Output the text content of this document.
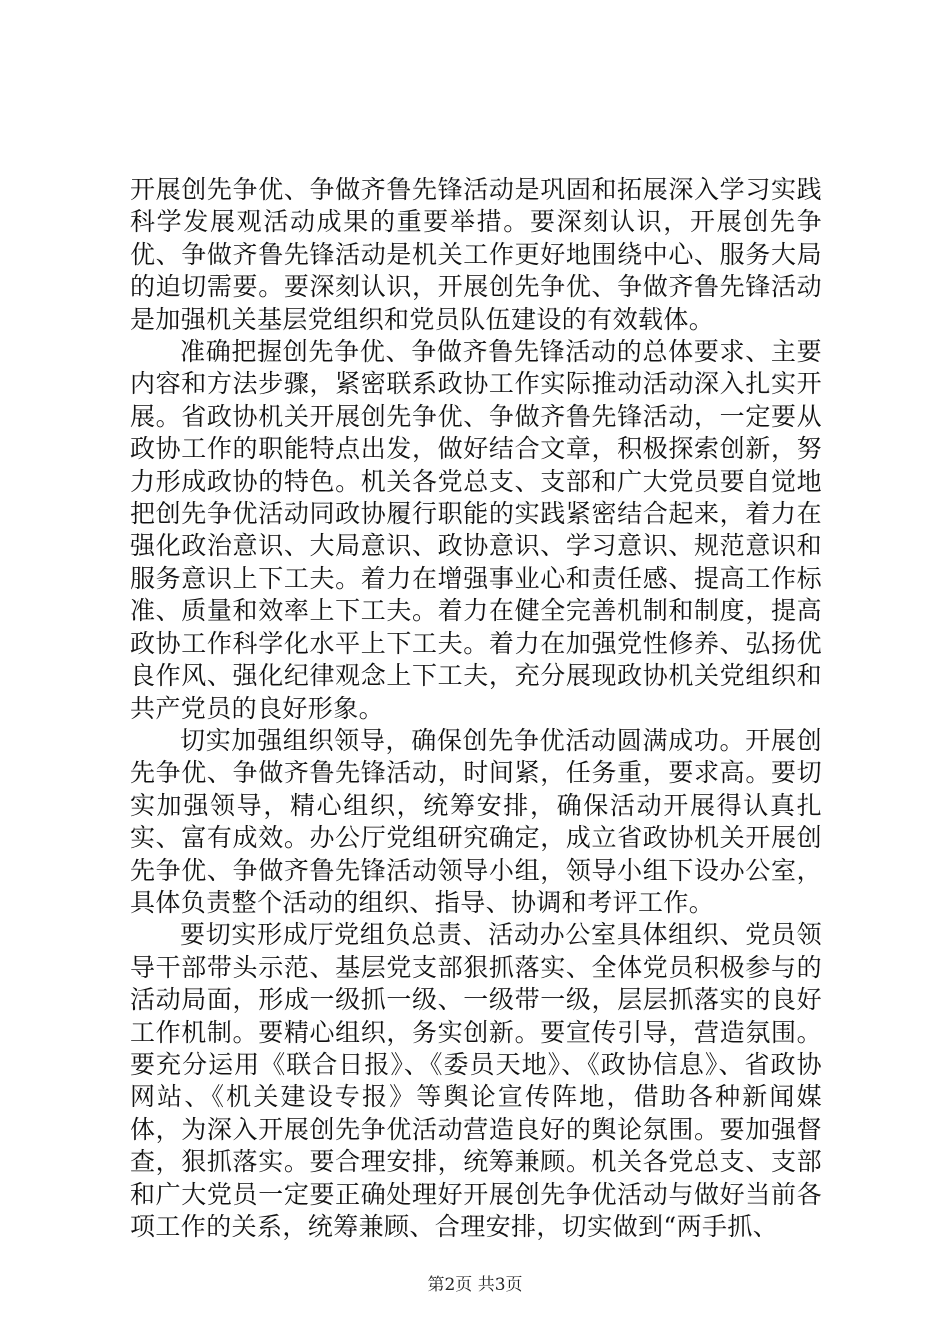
开展创先争优、争做齐鲁先锋活动是巩固和拓展深入学习实践科学发展观活动成果的重要举措。要深刻认识，开展创先争优、争做齐鲁先锋活动是机关工作更好地围绕中心、服务大局的迫切需要。要深刻认识，开展创先争优、争做齐鲁先锋活动是加强机关基层党组织和党员队伍建设的有效载体。

准确把握创先争优、争做齐鲁先锋活动的总体要求、主要内容和方法步骤，紧密联系政协工作实际推动活动深入扎实开展。省政协机关开展创先争优、争做齐鲁先锋活动，一定要从政协工作的职能特点出发，做好结合文章，积极探索创新，努力形成政协的特色。机关各党总支、支部和广大党员要自觉地把创先争优活动同政协履行职能的实践紧密结合起来，着力在强化政治意识、大局意识、政协意识、学习意识、规范意识和服务意识上下工夫。着力在增强事业心和责任感、提高工作标准、质量和效率上下工夫。着力在健全完善机制和制度，提高政协工作科学化水平上下工夫。着力在加强党性修养、弘扬优良作风、强化纪律观念上下工夫，充分展现政协机关党组织和共产党员的良好形象。

切实加强组织领导，确保创先争优活动圆满成功。开展创先争优、争做齐鲁先锋活动，时间紧，任务重，要求高。要切实加强领导，精心组织，统筹安排，确保活动开展得认真扎实、富有成效。办公厅党组研究确定，成立省政协机关开展创先争优、争做齐鲁先锋活动领导小组，领导小组下设办公室，具体负责整个活动的组织、指导、协调和考评工作。

要切实形成厅党组负总责、活动办公室具体组织、党员领导干部带头示范、基层党支部狠抓落实、全体党员积极参与的活动局面，形成一级抓一级、一级带一级，层层抓落实的良好工作机制。要精心组织，务实创新。要宣传引导，营造氛围。要充分运用《联合日报》、《委员天地》、《政协信息》、省政协网站、《机关建设专报》等舆论宣传阵地，借助各种新闻媒体，为深入开展创先争优活动营造良好的舆论氛围。要加强督查，狠抓落实。要合理安排，统筹兼顾。机关各党总支、支部和广大党员一定要正确处理好开展创先争优活动与做好当前各项工作的关系，统筹兼顾、合理安排，切实做到“两手抓、

第2页 共3页
